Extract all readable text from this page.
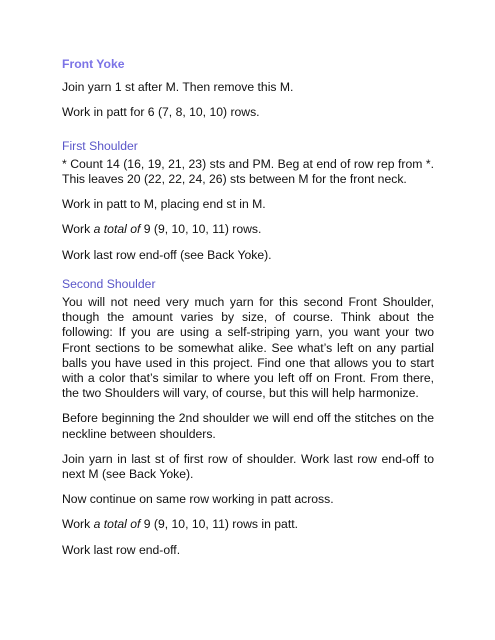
Front Yoke

Join yarn 1 st after M. Then remove this M.

Work in patt for 6 (7, 8, 10, 10) rows.

First Shoulder

* Count 14 (16, 19, 21, 23) sts and PM. Beg at end of row rep from *. This leaves 20 (22, 22, 24, 26) sts between M for the front neck.

Work in patt to M, placing end st in M.

Work a total of 9 (9, 10, 10, 11) rows.

Work last row end-off (see Back Yoke).

Second Shoulder

You will not need very much yarn for this second Front Shoulder, though the amount varies by size, of course. Think about the following: If you are using a self-striping yarn, you want your two Front sections to be somewhat alike. See what’s left on any partial balls you have used in this project. Find one that allows you to start with a color that’s similar to where you left off on Front. From there, the two Shoulders will vary, of course, but this will help harmonize.

Before beginning the 2nd shoulder we will end off the stitches on the neckline between shoulders.

Join yarn in last st of first row of shoulder. Work last row end-off to next M (see Back Yoke).

Now continue on same row working in patt across.

Work a total of 9 (9, 10, 10, 11) rows in patt.

Work last row end-off.
